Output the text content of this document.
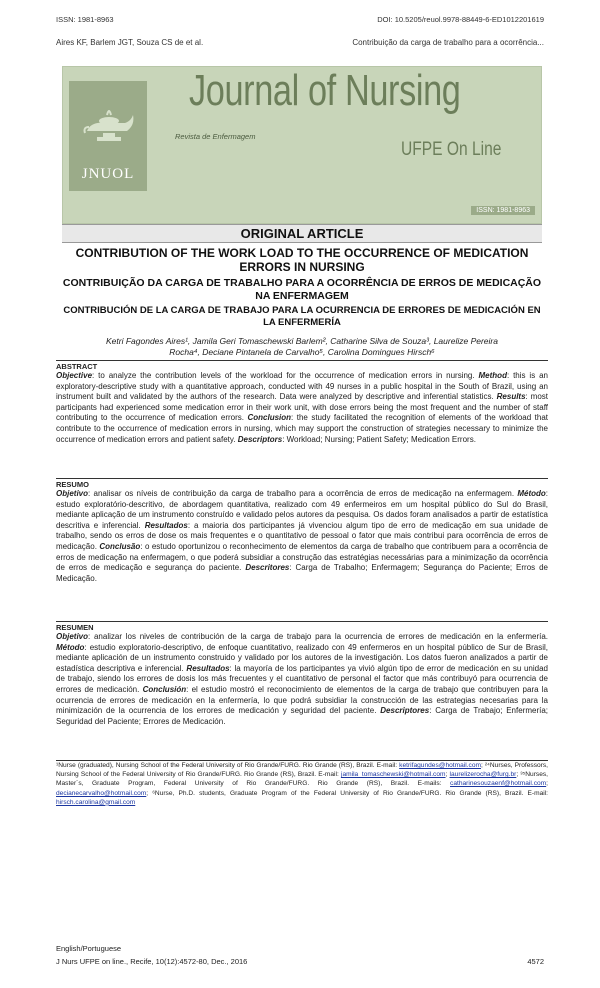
ISSN: 1981-8963	DOI: 10.5205/reuol.9978-88449-6-ED1012201619
Aires KF, Barlem JGT, Souza CS de et al.	Contribuição da carga de trabalho para a ocorrência...
JNUOL
Journal of Nursing
Revista de Enfermagem
UFPE On Line
ISSN: 1981-8963
ORIGINAL ARTICLE
CONTRIBUTION OF THE WORK LOAD TO THE OCCURRENCE OF MEDICATION ERRORS IN NURSING
CONTRIBUIÇÃO DA CARGA DE TRABALHO PARA A OCORRÊNCIA DE ERROS DE MEDICAÇÃO NA ENFERMAGEM
CONTRIBUCIÓN DE LA CARGA DE TRABAJO PARA LA OCURRENCIA DE ERRORES DE MEDICACIÓN EN LA ENFERMERÍA
Ketri Fagondes Aires¹, Jamila Geri Tomaschewski Barlem², Catharine Silva de Souza³, Laurelize Pereira
Rocha⁴, Deciane Pintanela de Carvalho⁵, Carolina Domingues Hirsch⁶
ABSTRACT
Objective: to analyze the contribution levels of the workload for the occurrence of medication errors in nursing. Method: this is an exploratory-descriptive study with a quantitative approach, conducted with 49 nurses in a public hospital in the South of Brazil, using an instrument built and validated by the authors of the research. Data were analyzed by descriptive and inferential statistics. Results: most participants had experienced some medication error in their work unit, with dose errors being the most frequent and the number of staff contributing to the occurrence of medication errors. Conclusion: the study facilitated the recognition of elements of the workload that contribute to the occurrence of medication errors in nursing, which may support the construction of strategies necessary to minimize the occurrence of medication errors and patient safety. Descriptors: Workload; Nursing; Patient Safety; Medication Errors.
RESUMO
Objetivo: analisar os níveis de contribuição da carga de trabalho para a ocorrência de erros de medicação na enfermagem. Método: estudo exploratório-descritivo, de abordagem quantitativa, realizado com 49 enfermeiros em um hospital público do Sul do Brasil, mediante aplicação de um instrumento construído e validado pelos autores da pesquisa. Os dados foram analisados a partir de estatística descritiva e inferencial. Resultados: a maioria dos participantes já vivenciou algum tipo de erro de medicação em sua unidade de trabalho, sendo os erros de dose os mais frequentes e o quantitativo de pessoal o fator que mais contribui para ocorrência de erros de medicação. Conclusão: o estudo oportunizou o reconhecimento de elementos da carga de trabalho que contribuem para a ocorrência de erros de medicação na enfermagem, o que poderá subsidiar a construção das estratégias necessárias para a minimização da ocorrência de erros de medicação e segurança do paciente. Descritores: Carga de Trabalho; Enfermagem; Segurança do Paciente; Erros de Medicação.
RESUMEN
Objetivo: analizar los niveles de contribución de la carga de trabajo para la ocurrencia de errores de medicación en la enfermería. Método: estudio exploratorio-descriptivo, de enfoque cuantitativo, realizado con 49 enfermeros en un hospital público de Sur de Brasil, mediante aplicación de un instrumento construido y validado por los autores de la investigación. Los datos fueron analizados a partir de estadística descriptiva e inferencial. Resultados: la mayoría de los participantes ya vivió algún tipo de error de medicación en su unidad de trabajo, siendo los errores de dosis los más frecuentes y el cuantitativo de personal el factor que más contribuyó para ocurrencia de errores de medicación. Conclusión: el estudio mostró el reconocimiento de elementos de la carga de trabajo que contribuyen para la ocurrencia de errores de medicación en la enfermería, lo que podrá subsidiar la construcción de las estrategias necesarias para la minimización de la ocurrencia de los errores de medicación y seguridad del paciente. Descriptores: Carga de Trabajo; Enfermería; Seguridad del Paciente; Errores de Medicación.
¹Nurse (graduated), Nursing School of the Federal University of Rio Grande/FURG. Rio Grande (RS), Brazil. E-mail: ketrifagundes@hotmail.com; ²⁴Nurses, Professors, Nursing School of the Federal University of Rio Grande/FURG. Rio Grande (RS), Brazil. E-mail: jamila_tomaschewski@hotmail.com; laurelizerocha@furg.br; ³⁵Nurses, Master´s, Graduate Program, Federal University of Rio Grande/FURG. Rio Grande (RS), Brazil. E-mails: catharinesouzaenf@hotmail.com; decianecarvalho@hotmail.com; ⁶Nurse, Ph.D. students, Graduate Program of the Federal University of Rio Grande/FURG. Rio Grande (RS), Brazil. E-mail: hirsch.carolina@gmail.com
English/Portuguese
J Nurs UFPE on line., Recife, 10(12):4572-80, Dec., 2016	4572
